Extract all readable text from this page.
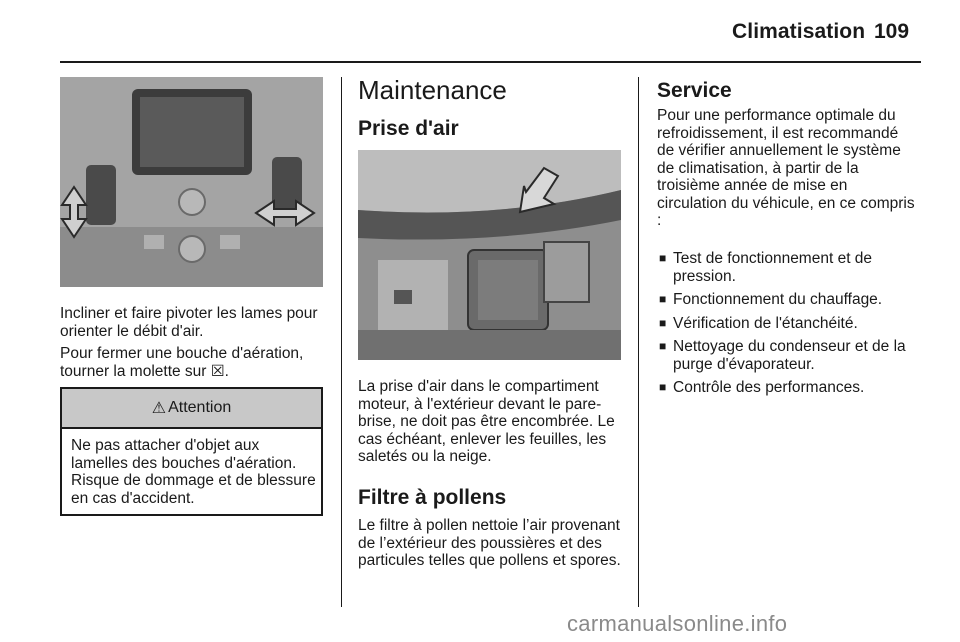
Climatisation 109
Incliner et faire pivoter les lames pour orienter le débit d'air.
Pour fermer une bouche d'aération, tourner la molette sur ☒.
⚠ Attention
Ne pas attacher d'objet aux lamelles des bouches d'aération. Risque de dommage et de blessure en cas d'accident.
Maintenance
Prise d'air
La prise d'air dans le compartiment moteur, à l'extérieur devant le pare-brise, ne doit pas être encombrée. Le cas échéant, enlever les feuilles, les saletés ou la neige.
Filtre à pollens
Le filtre à pollen nettoie l’air provenant de l’extérieur des poussières et des particules telles que pollens et spores.
Service
Pour une performance optimale du refroidissement, il est recommandé de vérifier annuellement le système de climatisation, à partir de la troisième année de mise en circulation du véhicule, en ce compris :
■ Test de fonctionnement et de pression.
■ Fonctionnement du chauffage.
■ Vérification de l'étanchéité.
■ Nettoyage du condenseur et de la purge d'évaporateur.
■ Contrôle des performances.
carmanualsonline.info
